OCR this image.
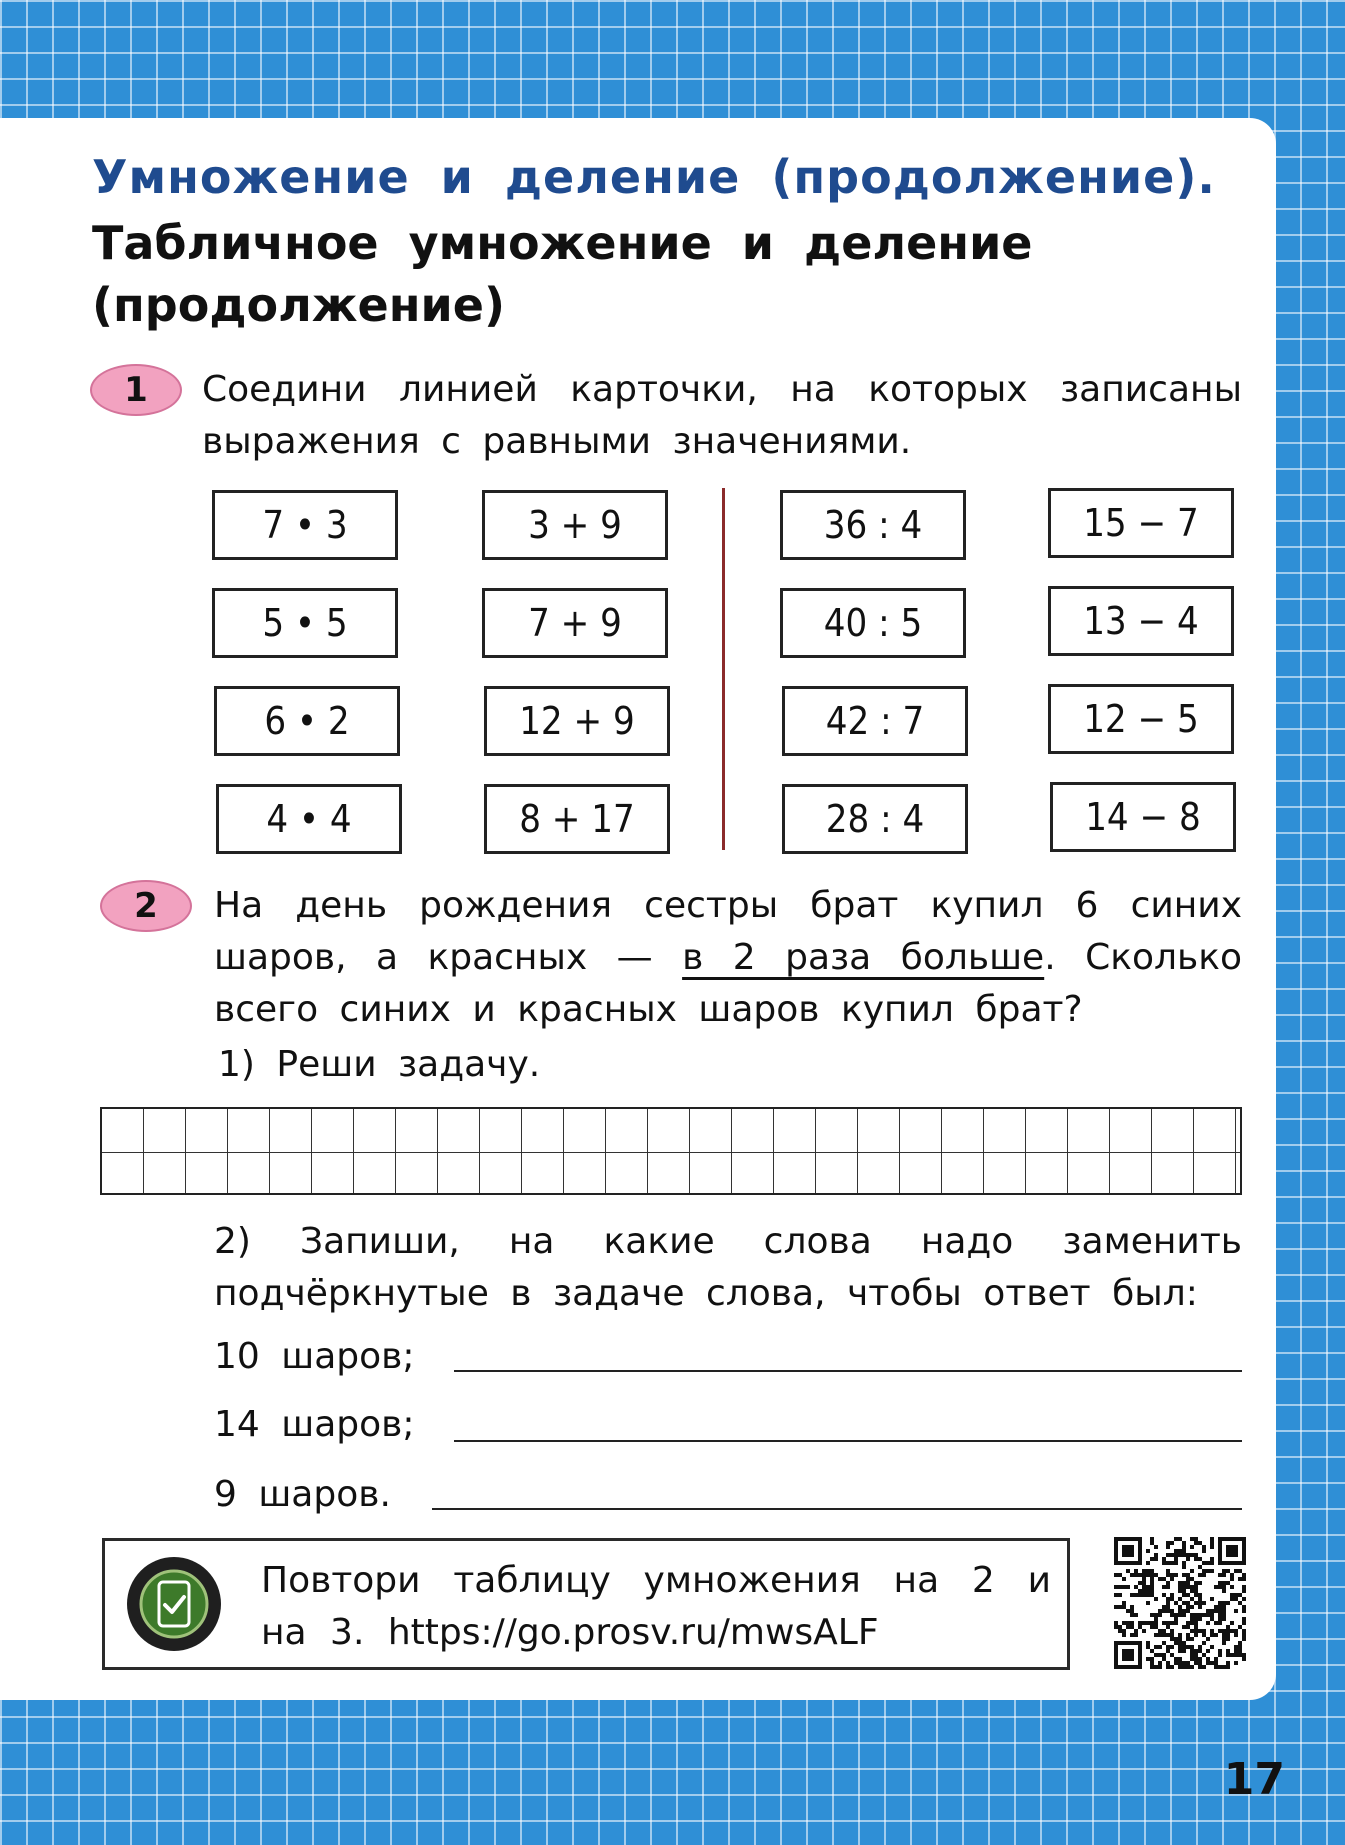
Умножение и деление (продолжение).
Табличное умножение и деление (продолжение)
1	Соедини линией карточки, на которых записаны выражения с равными значениями.
7 • 3
5 • 5
6 • 2
4 • 4
3 + 9
7 + 9
12 + 9
8 + 17
36 : 4
40 : 5
42 : 7
28 : 4
15 − 7
13 − 4
12 − 5
14 − 8
2	На день рождения сестры брат купил 6 синих шаров, а красных — в 2 раза больше. Сколько всего синих и красных шаров купил брат?
1) Реши задачу.
2) Запиши, на какие слова надо заменить подчёркнутые в задаче слова, чтобы ответ был:
10 шаров;
14 шаров;
9 шаров.
Повтори таблицу умножения на 2 и на 3. https://go.prosv.ru/mwsALF
17
